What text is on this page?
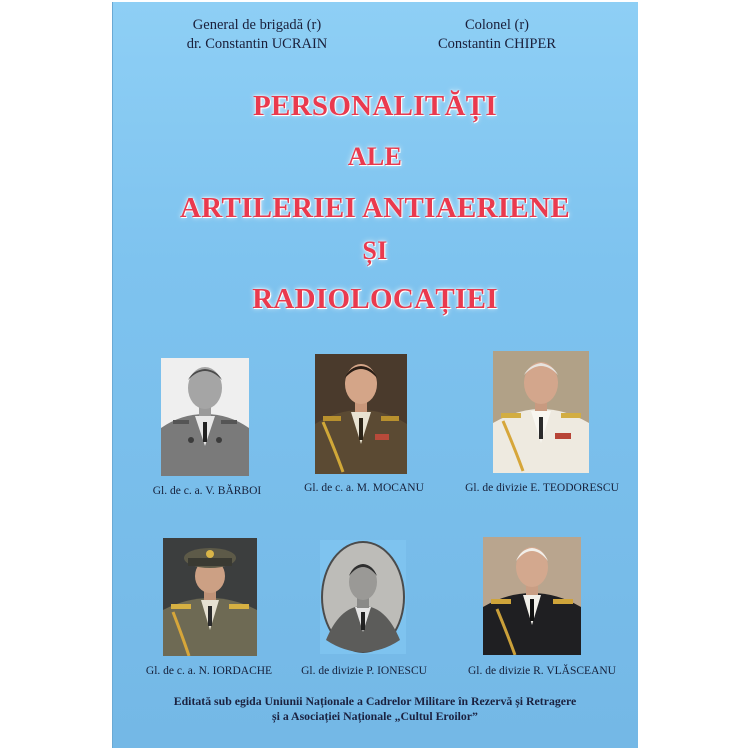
General de brigadă (r)
dr. Constantin UCRAIN
Colonel (r)
Constantin CHIPER
PERSONALITĂȚI
ALE
ARTILERIEI ANTIAERIENE
ȘI
RADIOLOCAȚIEI
Gl. de c. a. V. BĂRBOI	Gl. de c. a. M. MOCANU	Gl. de divizie E. TEODORESCU
Gl. de c. a. N. IORDACHE	Gl. de divizie P. IONESCU	Gl. de divizie R. VLĂSCEANU
Editată sub egida Uniunii Naționale a Cadrelor Militare în Rezervă și Retragere
și a Asociației Naționale „Cultul Eroilor”
